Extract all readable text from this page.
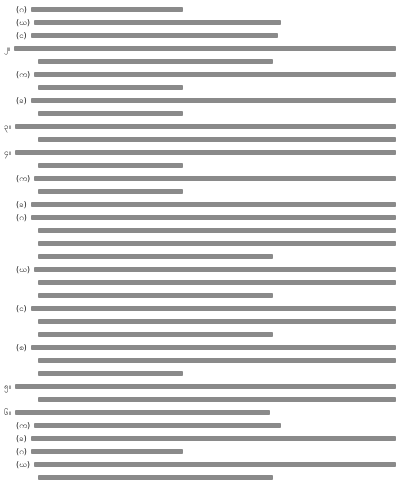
(ဂ)
(ဃ)
(င)
၂။
(က)
(ခ)
၃။
၄။
(က)
(ခ)
(ဂ)
(ဃ)
(င)
(စ)
၅။
၆။
(က)
(ခ)
(ဂ)
(ဃ)
